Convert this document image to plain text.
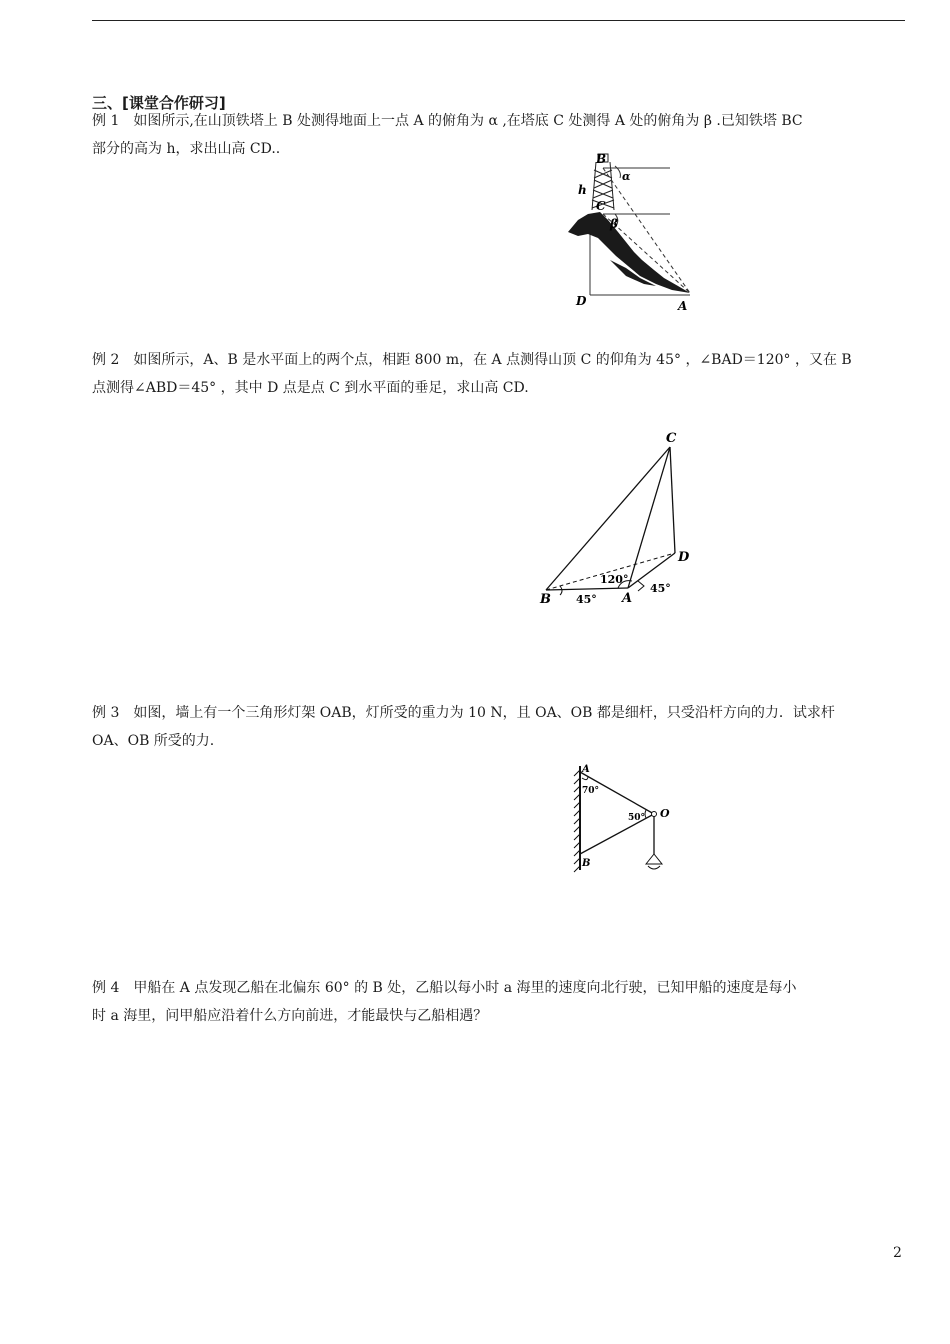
三、[课堂合作研习]
例 1 如图所示,在山顶铁塔上 B 处测得地面上一点 A 的俯角为 α ,在塔底 C 处测得 A 处的俯角为 β .已知铁塔 BC
部分的高为 h，求出山高 CD..
B
α
h
C
β
D	A
例 2 如图所示，A、B 是水平面上的两个点，相距 800 m，在 A 点测得山顶 C 的仰角为 45° ，∠BAD＝120° ，又在 B
点测得∠ABD＝45° ，其中 D 点是点 C 到水平面的垂足，求山高 CD.
C
D
B	A
120°
45°
45°
例 3 如图，墙上有一个三角形灯架 OAB，灯所受的重力为 10 N，且 OA、OB 都是细杆，只受沿杆方向的力．试求杆
OA、OB 所受的力.
A
70°
50° O
B
例 4 甲船在 A 点发现乙船在北偏东 60° 的 B 处，乙船以每小时 a 海里的速度向北行驶，已知甲船的速度是每小
时 a 海里，问甲船应沿着什么方向前进，才能最快与乙船相遇？
2
